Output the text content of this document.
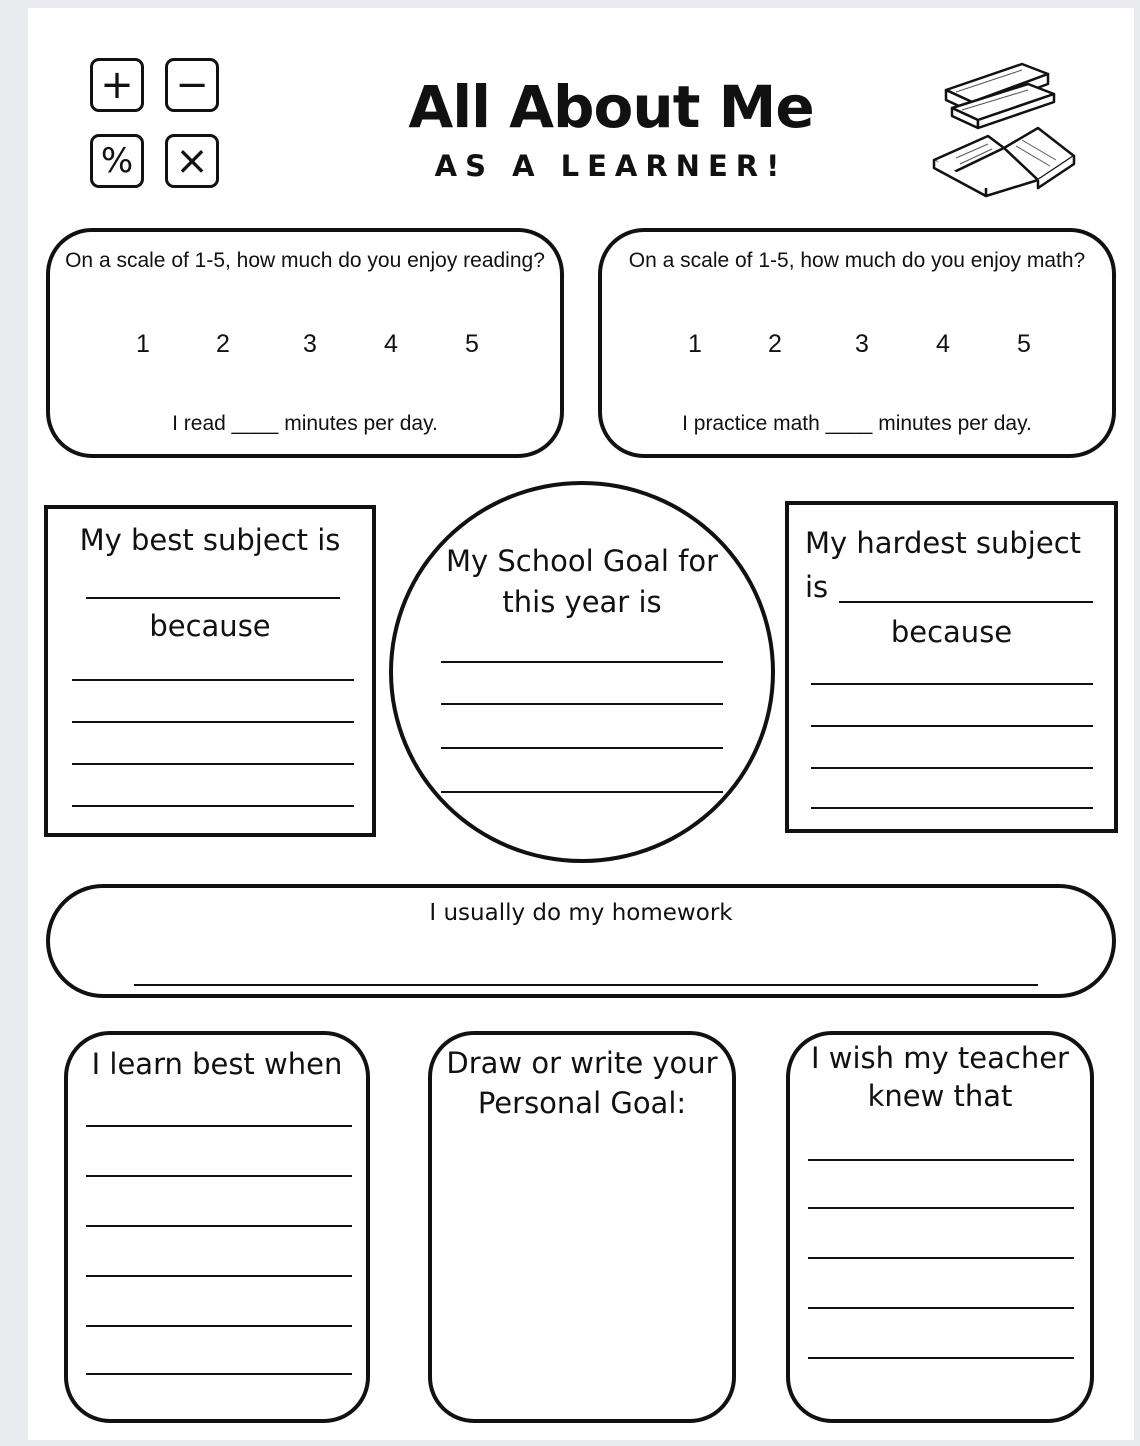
+ −
% ×
All About Me
AS A LEARNER!
On a scale of 1-5, how much do you enjoy reading?
1	2	3	4	5
I read ____ minutes per day.
On a scale of 1-5, how much do you enjoy math?
1	2	3	4	5
I practice math ____ minutes per day.
My best subject is
because
My School Goal for this year is
My hardest subject is
because
I usually do my homework
I learn best when	Draw or write your Personal Goal:
I wish my teacher knew that
